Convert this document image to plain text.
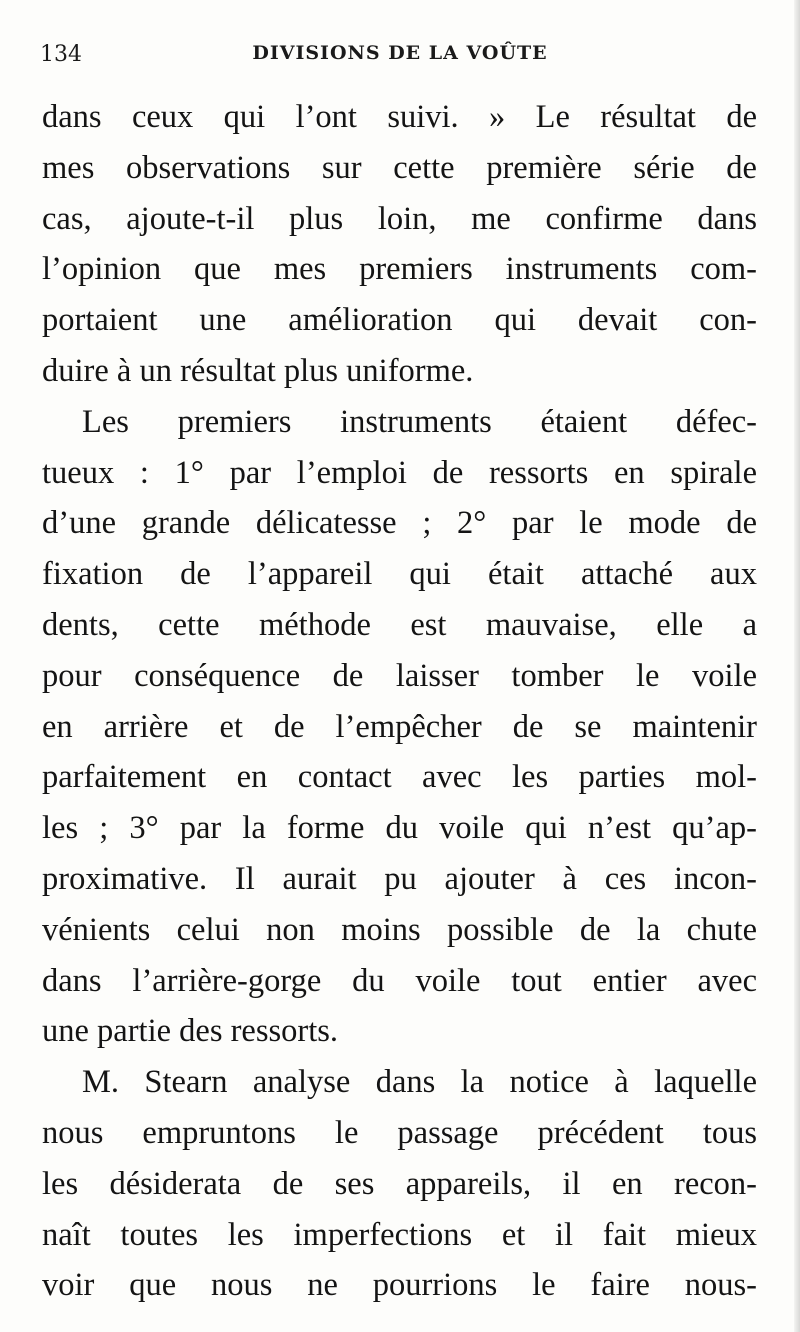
134	DIVISIONS DE LA VOÛTE
dans ceux qui l’ont suivi. » Le résultat de
mes observations sur cette première série de
cas, ajoute-t-il plus loin, me confirme dans
l’opinion que mes premiers instruments com-
portaient une amélioration qui devait con-
duire à un résultat plus uniforme.
Les premiers instruments étaient défec-
tueux : 1° par l’emploi de ressorts en spirale
d’une grande délicatesse ; 2° par le mode de
fixation de l’appareil qui était attaché aux
dents, cette méthode est mauvaise, elle a
pour conséquence de laisser tomber le voile
en arrière et de l’empêcher de se maintenir
parfaitement en contact avec les parties mol-
les ; 3° par la forme du voile qui n’est qu’ap-
proximative. Il aurait pu ajouter à ces incon-
vénients celui non moins possible de la chute
dans l’arrière-gorge du voile tout entier avec
une partie des ressorts.
M. Stearn analyse dans la notice à laquelle
nous empruntons le passage précédent tous
les désiderata de ses appareils, il en recon-
naît toutes les imperfections et il fait mieux
voir que nous ne pourrions le faire nous-
